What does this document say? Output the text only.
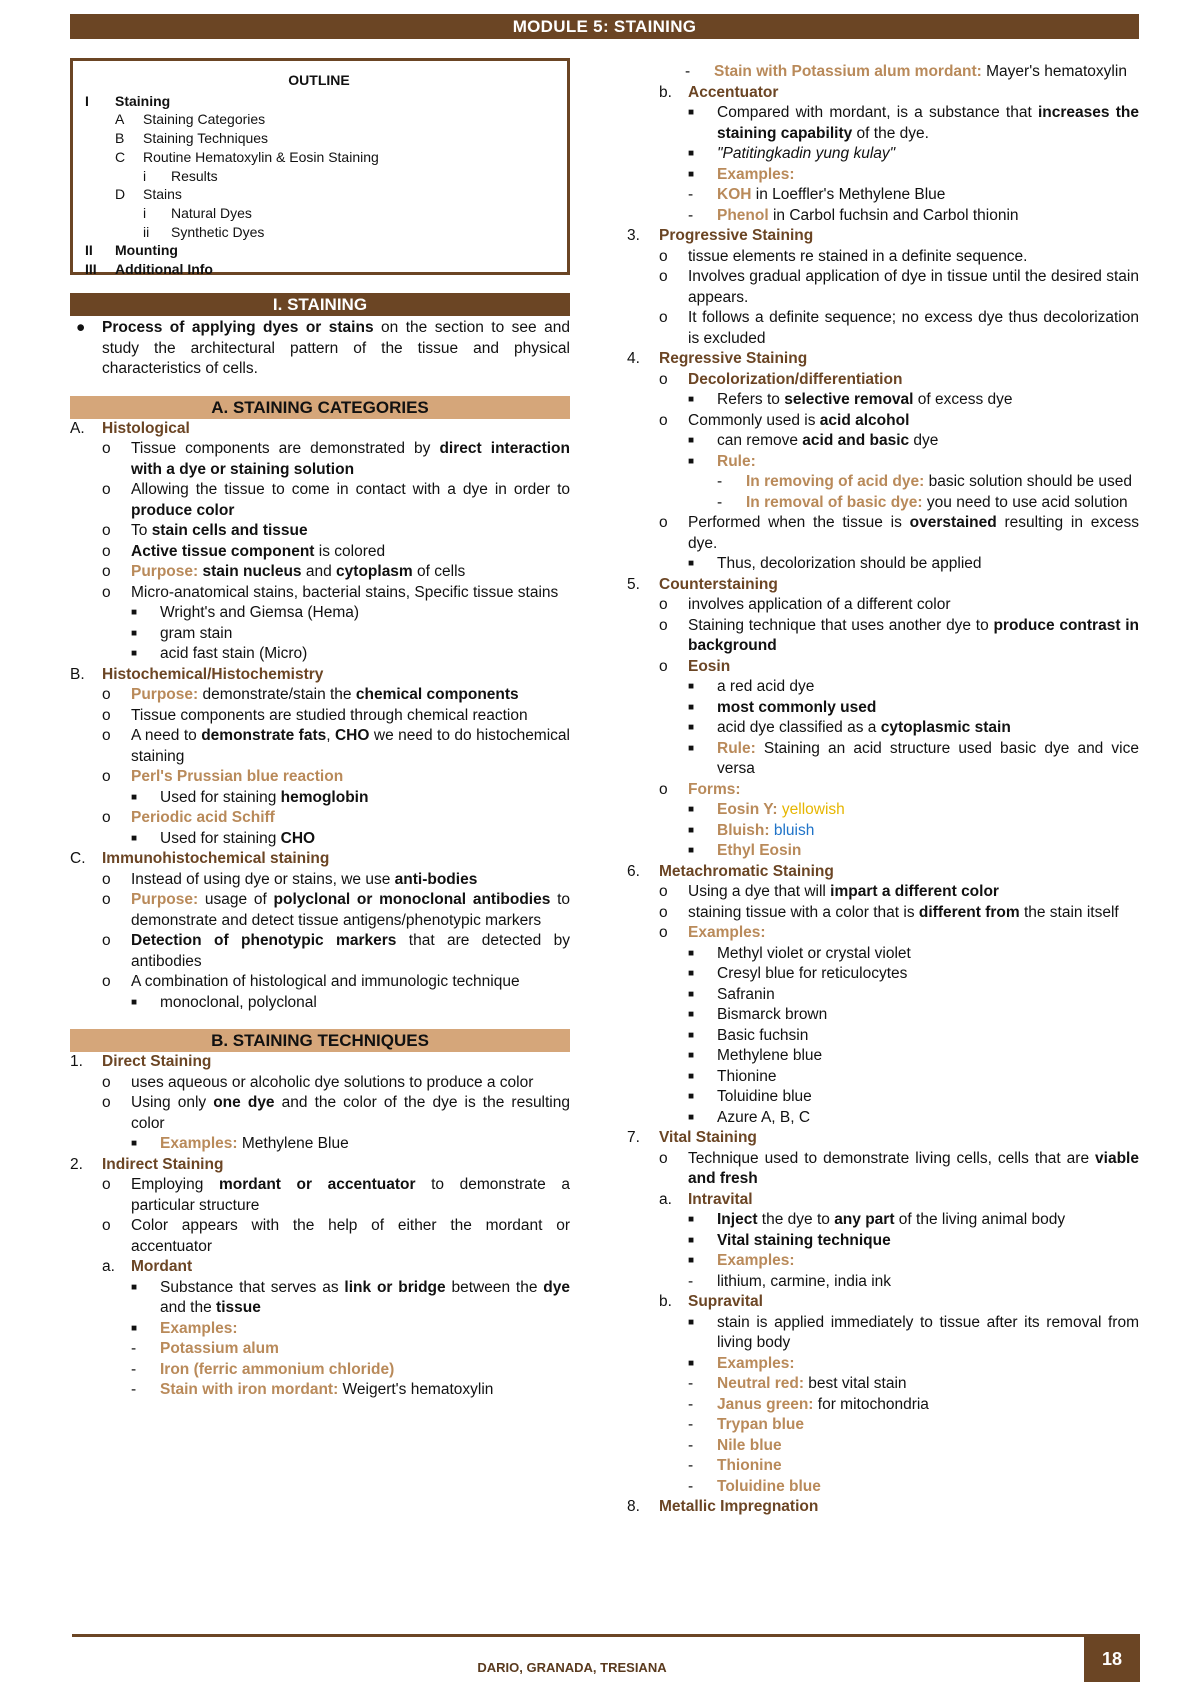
MODULE 5: STAINING
OUTLINE
I	Staining
A	Staining Categories
B	Staining Techniques
C	Routine Hematoxylin & Eosin Staining
i	Results
D	Stains
i	Natural Dyes
ii	Synthetic Dyes
II	Mounting
III	Additional Info
I. STAINING
●	Process of applying dyes or stains on the section to see and study the architectural pattern of the tissue and physical characteristics of cells.
A. STAINING CATEGORIES
A.	Histological
o	Tissue components are demonstrated by direct interaction with a dye or staining solution
o	Allowing the tissue to come in contact with a dye in order to produce color
o	To stain cells and tissue
o	Active tissue component is colored
o	Purpose: stain nucleus and cytoplasm of cells
o	Micro-anatomical stains, bacterial stains, Specific tissue stains
■	Wright's and Giemsa (Hema)
■	gram stain
■	acid fast stain (Micro)
B.	Histochemical/Histochemistry
o	Purpose: demonstrate/stain the chemical components
o	Tissue components are studied through chemical reaction
o	A need to demonstrate fats, CHO we need to do histochemical staining
o	Perl's Prussian blue reaction
■	Used for staining hemoglobin
o	Periodic acid Schiff
■	Used for staining CHO
C.	Immunohistochemical staining
o	Instead of using dye or stains, we use anti-bodies
o	Purpose: usage of polyclonal or monoclonal antibodies to demonstrate and detect tissue antigens/phenotypic markers
o	Detection of phenotypic markers that are detected by antibodies
o	A combination of histological and immunologic technique
■	monoclonal, polyclonal
B. STAINING TECHNIQUES
1.	Direct Staining
o	uses aqueous or alcoholic dye solutions to produce a color
o	Using only one dye and the color of the dye is the resulting color
■	Examples: Methylene Blue
2.	Indirect Staining
o	Employing mordant or accentuator to demonstrate a particular structure
o	Color appears with the help of either the mordant or accentuator
a.	Mordant
■	Substance that serves as link or bridge between the dye and the tissue
■	Examples:
-	Potassium alum
-	Iron (ferric ammonium chloride)
-	Stain with iron mordant: Weigert's hematoxylin
-	Stain with Potassium alum mordant: Mayer's hematoxylin
b.	Accentuator
■	Compared with mordant, is a substance that increases the staining capability of the dye.
■	"Patitingkadin yung kulay"
■	Examples:
-	KOH in Loeffler's Methylene Blue
-	Phenol in Carbol fuchsin and Carbol thionin
3.	Progressive Staining
o	tissue elements re stained in a definite sequence.
o	Involves gradual application of dye in tissue until the desired stain appears.
o	It follows a definite sequence; no excess dye thus decolorization is excluded
4.	Regressive Staining
o	Decolorization/differentiation
■	Refers to selective removal of excess dye
o	Commonly used is acid alcohol
■	can remove acid and basic dye
■	Rule:
-	In removing of acid dye: basic solution should be used
-	In removal of basic dye: you need to use acid solution
o	Performed when the tissue is overstained resulting in excess dye.
■	Thus, decolorization should be applied
5.	Counterstaining
o	involves application of a different color
o	Staining technique that uses another dye to produce contrast in background
o	Eosin
■	a red acid dye
■	most commonly used
■	acid dye classified as a cytoplasmic stain
■	Rule: Staining an acid structure used basic dye and vice versa
o	Forms:
■	Eosin Y: yellowish
■	Bluish: bluish
■	Ethyl Eosin
6.	Metachromatic Staining
o	Using a dye that will impart a different color
o	staining tissue with a color that is different from the stain itself
o	Examples:
■	Methyl violet or crystal violet
■	Cresyl blue for reticulocytes
■	Safranin
■	Bismarck brown
■	Basic fuchsin
■	Methylene blue
■	Thionine
■	Toluidine blue
■	Azure A, B, C
7.	Vital Staining
o	Technique used to demonstrate living cells, cells that are viable and fresh
a.	Intravital
■	Inject the dye to any part of the living animal body
■	Vital staining technique
■	Examples:
-	lithium, carmine, india ink
b.	Supravital
■	stain is applied immediately to tissue after its removal from living body
■	Examples:
-	Neutral red: best vital stain
-	Janus green: for mitochondria
-	Trypan blue
-	Nile blue
-	Thionine
-	Toluidine blue
8.	Metallic Impregnation
DARIO, GRANADA, TRESIANA	18
